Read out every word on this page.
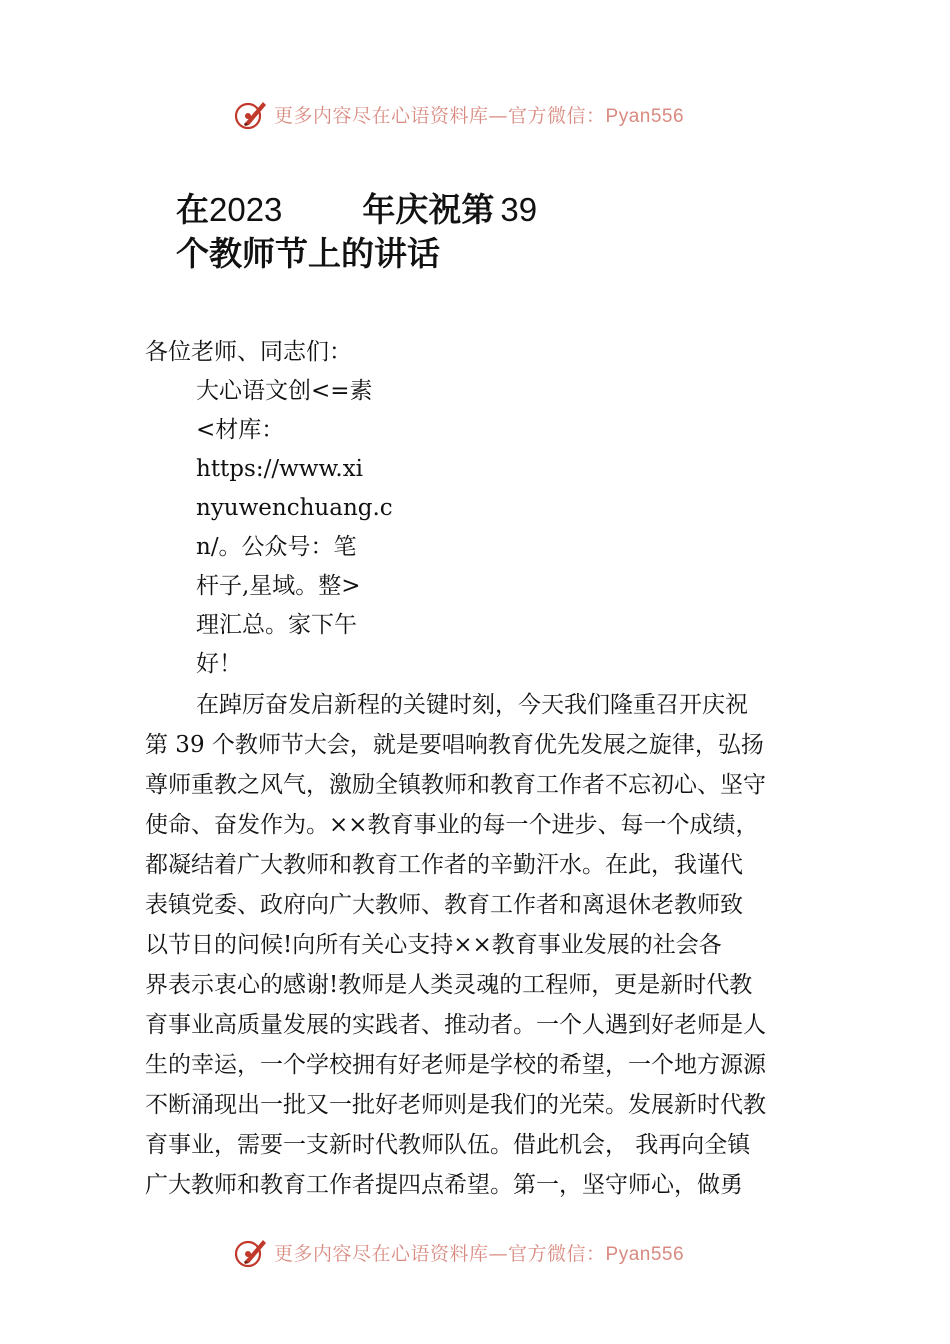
更多内容尽在心语资料库—官方微信：Pyan556
在2023 年庆祝第 39
个教师节上的讲话
各位老师、同志们：
大心语文创<=素
<材库：
https://www.xi
nyuwenchuang.c
n/。公众号：笔
杆子,星域。整>
理汇总。家下午
好！
在踔厉奋发启新程的关键时刻，今天我们隆重召开庆祝
第 39 个教师节大会，就是要唱响教育优先发展之旋律，弘扬
尊师重教之风气，激励全镇教师和教育工作者不忘初心、坚守
使命、奋发作为。××教育事业的每一个进步、每一个成绩，
都凝结着广大教师和教育工作者的辛勤汗水。在此，我谨代
表镇党委、政府向广大教师、教育工作者和离退休老教师致
以节日的问候!向所有关心支持××教育事业发展的社会各
界表示衷心的感谢!教师是人类灵魂的工程师，更是新时代教
育事业高质量发展的实践者、推动者。一个人遇到好老师是人
生的幸运，一个学校拥有好老师是学校的希望，一个地方源源
不断涌现出一批又一批好老师则是我们的光荣。发展新时代教
育事业，需要一支新时代教师队伍。借此机会， 我再向全镇
广大教师和教育工作者提四点希望。第一，坚守师心，做勇
更多内容尽在心语资料库—官方微信：Pyan556
